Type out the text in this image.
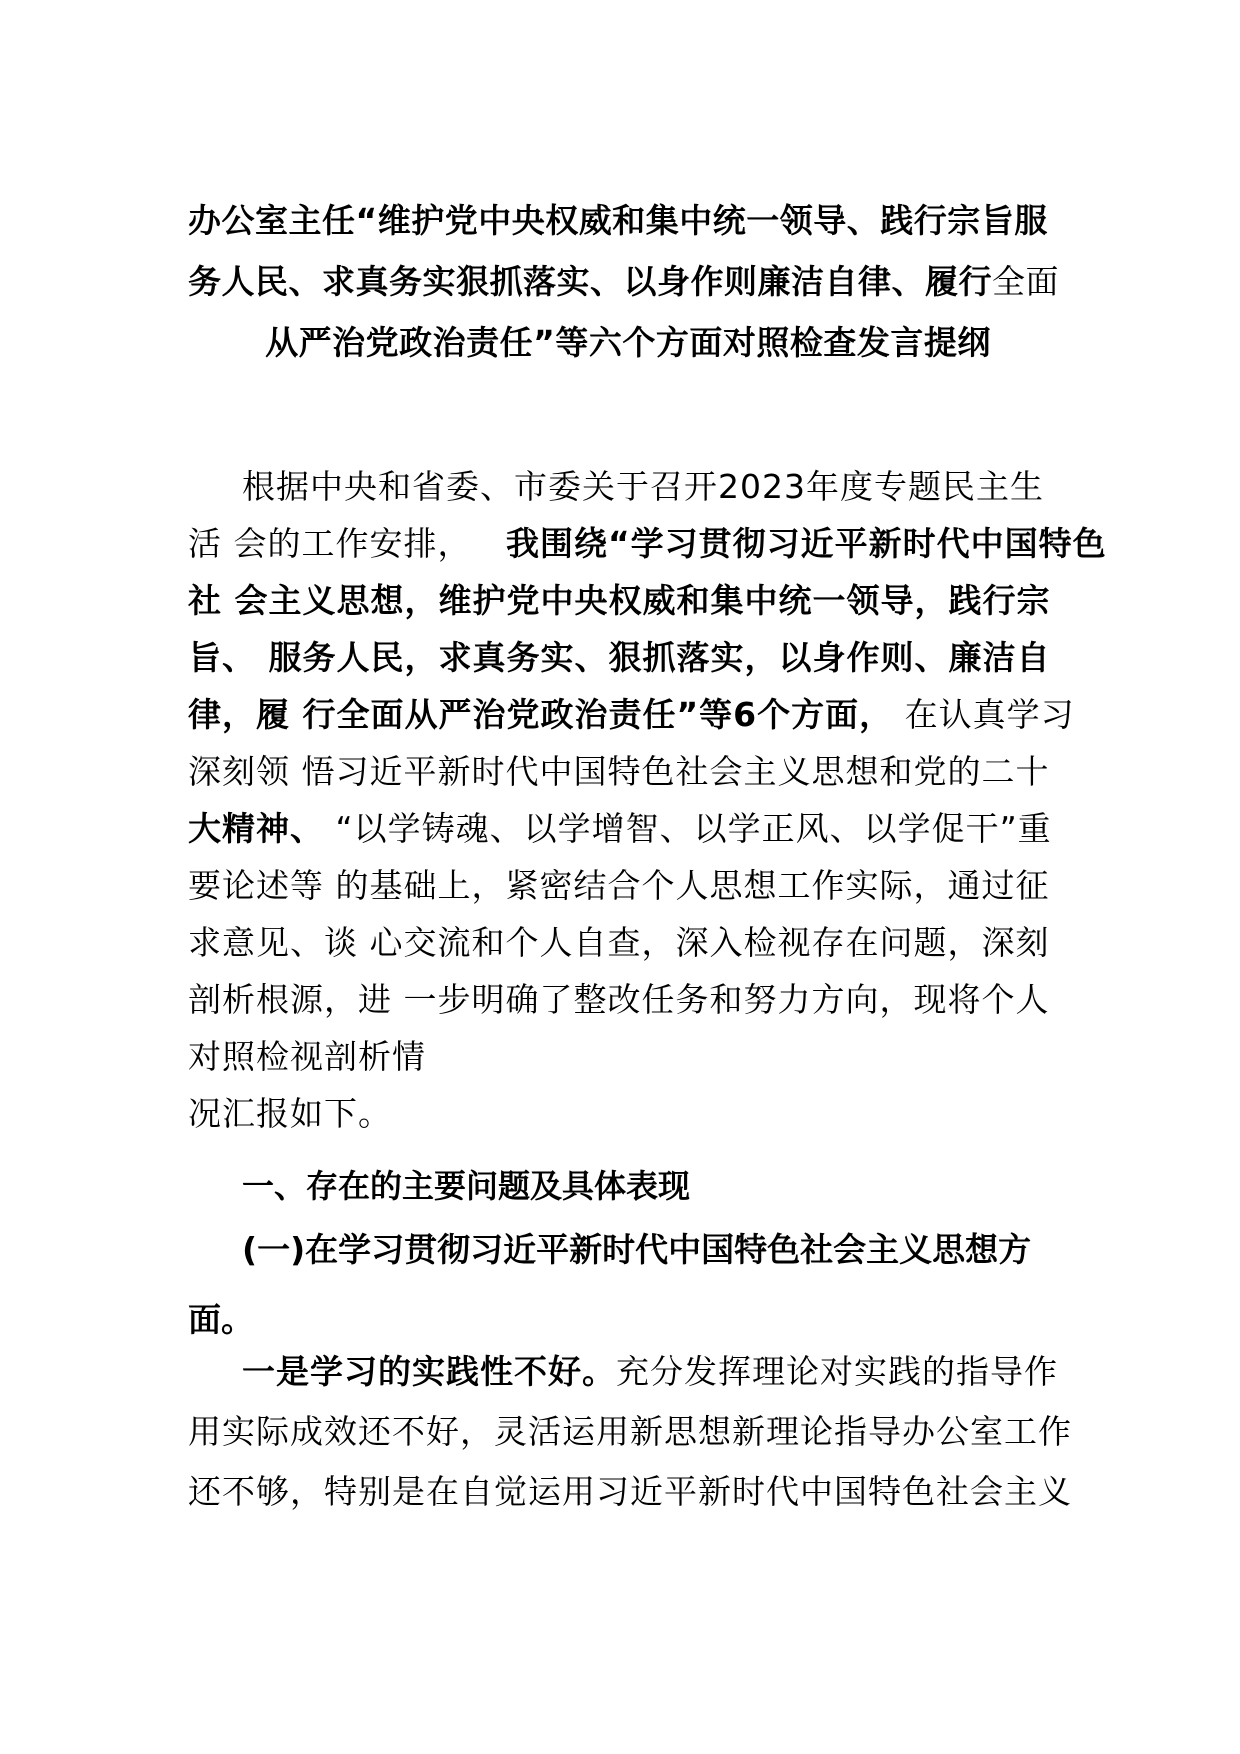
办公室主任“维护党中央权威和集中统一领导、践行宗旨服
务人民、求真务实狠抓落实、以身作则廉洁自律、履行全面
从严治党政治责任”等六个方面对照检查发言提纲
根据中央和省委、市委关于召开2023年度专题民主生
活 会的工作安排， 我围绕“学习贯彻习近平新时代中国特色
社 会主义思想，维护党中央权威和集中统一领导，践行宗
旨、 服务人民，求真务实、狠抓落实，以身作则、廉洁自
律，履 行全面从严治党政治责任”等6个方面， 在认真学习
深刻领 悟习近平新时代中国特色社会主义思想和党的二十
大精神、 “以学铸魂、以学增智、以学正风、以学促干”重
要论述等 的基础上，紧密结合个人思想工作实际，通过征
求意见、谈 心交流和个人自查，深入检视存在问题，深刻
剖析根源，进 一步明确了整改任务和努力方向，现将个人
对照检视剖析情
况汇报如下。
一、存在的主要问题及具体表现
(一)在学习贯彻习近平新时代中国特色社会主义思想方
面。
一是学习的实践性不好。充分发挥理论对实践的指导作
用实际成效还不好，灵活运用新思想新理论指导办公室工作
还不够，特别是在自觉运用习近平新时代中国特色社会主义
